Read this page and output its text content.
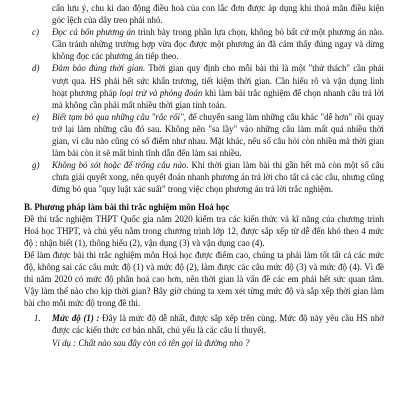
cẩn lưu ý, chu kì dao động điều hoà của con lắc đơn được áp dụng khi thoả mãn điều kiện góc lệch của dây treo phải nhỏ.

c) Đọc cả bốn phương án trình bày trong phần lựa chọn, không bỏ bất cứ một phương án nào. Cần tránh những trường hợp vừa đọc được một phương án đã cảm thấy đúng ngay và dừng không đọc các phương án tiếp theo.

d) Đảm bảo đúng thời gian. Thời gian quy định cho mỗi bài thi là một "thử thách" cần phải vượt qua. HS phải hết sức khẩn trương, tiết kiệm thời gian. Cần hiểu rõ và vận dụng linh hoạt phương pháp loại trừ và phỏng đoán khi làm bài trắc nghiệm để chọn nhanh câu trả lời mà không cần phải mất nhiều thời gian tính toán.

e) Biết tạm bỏ qua những câu "rắc rối", để chuyển sang làm những câu khác "dễ hơn" rồi quay trở lại làm những câu đó sau. Không nên "sa lầy" vào những câu làm mất quá nhiều thời gian, vì câu nào cũng có số điểm như nhau. Mặt khác, nếu số câu hỏi còn nhiều mà thời gian làm bài còn ít sẽ mất bình tĩnh dẫn đến làm sai nhiều.

g) Không bỏ sót hoặc để trống câu nào. Khi thời gian làm bài thi gần hết mà còn một số câu chưa giải quyết xong, nên quyết đoán nhanh phương án trả lời cho tất cả các câu, nhưng cũng đừng bỏ qua "quy luật xác suất" trong việc chọn phương án trả lời trắc nghiệm.

B. Phương pháp làm bài thi trắc nghiệm môn Hoá học

Đề thi trắc nghiệm THPT Quốc gia năm 2020 kiểm tra các kiến thức và kĩ năng của chương trình Hoá học THPT, và chủ yếu nằm trong chương trình lớp 12, được sắp xếp từ dễ đến khó theo 4 mức độ : nhận biết (1), thông hiểu (2), vận dụng (3) và vận dụng cao (4).

Để làm được bài thi trắc nghiệm môn Hoá học được điểm cao, chúng ta phải làm tốt tất cả các mức độ, không sai các câu mức độ (1) và mức độ (2), làm được các câu mức độ (3) và mức độ (4). Vì đề thi năm 2020 có mức độ phân hoá cao hơn, nên thời gian là vấn đề các em phải hết sức quan tâm. Vậy làm thế nào cho kịp thời gian? Bây giờ chúng ta xem xét từng mức độ và sắp xếp thời gian làm bài cho mỗi mức độ trong đề thi.

1. Mức độ (1) : Đây là mức độ dễ nhất, được sắp xếp trên cùng. Mức độ này yêu cầu HS nhớ được các kiến thức cơ bản nhất, chủ yếu là các câu lí thuyết.

Ví dụ : Chất nào sau đây còn có tên gọi là đường nho ?
